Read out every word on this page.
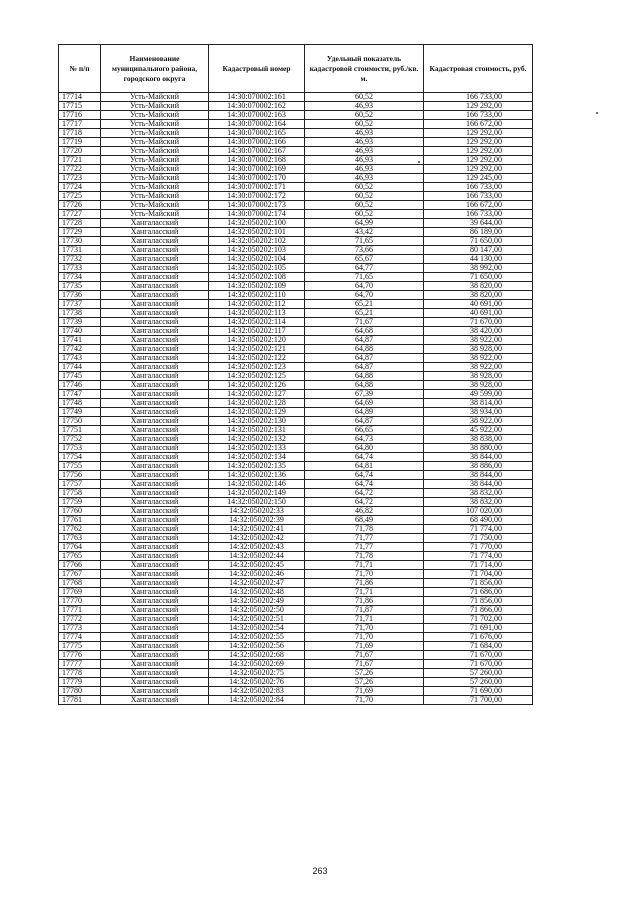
№ п/п	Наименование муниципального района, городского округа	Кадастровый номер	Удельный показатель кадастровой стоимости, руб./кв. м.	Кадастровая стоимость, руб.
17714	Усть-Майский	14:30:070002:161	60,52	166 733,00
17715	Усть-Майский	14:30:070002:162	46,93	129 292,00
17716	Усть-Майский	14:30:070002:163	60,52	166 733,00
17717	Усть-Майский	14:30:070002:164	60,52	166 672,00
17718	Усть-Майский	14:30:070002:165	46,93	129 292,00
17719	Усть-Майский	14:30:070002:166	46,93	129 292,00
17720	Усть-Майский	14:30:070002:167	46,93	129 292,00
17721	Усть-Майский	14:30:070002:168	46,93	129 292,00
17722	Усть-Майский	14:30:070002:169	46,93	129 292,00
17723	Усть-Майский	14:30:070002:170	46,93	129 245,00
17724	Усть-Майский	14:30:070002:171	60,52	166 733,00
17725	Усть-Майский	14:30:070002:172	60,52	166 733,00
17726	Усть-Майский	14:30:070002:173	60,52	166 672,00
17727	Усть-Майский	14:30:070002:174	60,52	166 733,00
17728	Хангаласский	14:32:050202:100	64,99	39 644,00
17729	Хангаласский	14:32:050202:101	43,42	86 189,00
17730	Хангаласский	14:32:050202:102	71,65	71 650,00
17731	Хангаласский	14:32:050202:103	73,66	80 147,00
17732	Хангаласский	14:32:050202:104	65,67	44 130,00
17733	Хангаласский	14:32:050202:105	64,77	38 992,00
17734	Хангаласский	14:32:050202:108	71,65	71 650,00
17735	Хангаласский	14:32:050202:109	64,70	38 820,00
17736	Хангаласский	14:32:050202:110	64,70	38 820,00
17737	Хангаласский	14:32:050202:112	65,21	40 691,00
17738	Хангаласский	14:32:050202:113	65,21	40 691,00
17739	Хангаласский	14:32:050202:114	71,67	71 670,00
17740	Хангаласский	14:32:050202:117	64,68	38 420,00
17741	Хангаласский	14:32:050202:120	64,87	38 922,00
17742	Хангаласский	14:32:050202:121	64,88	38 928,00
17743	Хангаласский	14:32:050202:122	64,87	38 922,00
17744	Хангаласский	14:32:050202:123	64,87	38 922,00
17745	Хангаласский	14:32:050202:125	64,88	38 928,00
17746	Хангаласский	14:32:050202:126	64,88	38 928,00
17747	Хангаласский	14:32:050202:127	67,39	49 599,00
17748	Хангаласский	14:32:050202:128	64,69	38 814,00
17749	Хангаласский	14:32:050202:129	64,89	38 934,00
17750	Хангаласский	14:32:050202:130	64,87	38 922,00
17751	Хангаласский	14:32:050202:131	66,65	45 922,00
17752	Хангаласский	14:32:050202:132	64,73	38 838,00
17753	Хангаласский	14:32:050202:133	64,80	38 880,00
17754	Хангаласский	14:32:050202:134	64,74	38 844,00
17755	Хангаласский	14:32:050202:135	64,81	38 886,00
17756	Хангаласский	14:32:050202:136	64,74	38 844,00
17757	Хангаласский	14:32:050202:146	64,74	38 844,00
17758	Хангаласский	14:32:050202:149	64,72	38 832,00
17759	Хангаласский	14:32:050202:150	64,72	38 832,00
17760	Хангаласский	14:32:050202:33	46,82	107 020,00
17761	Хангаласский	14:32:050202:39	68,49	68 490,00
17762	Хангаласский	14:32:050202:41	71,78	71 774,00
17763	Хангаласский	14:32:050202:42	71,77	71 750,00
17764	Хангаласский	14:32:050202:43	71,77	71 770,00
17765	Хангаласский	14:32:050202:44	71,78	71 774,00
17766	Хангаласский	14:32:050202:45	71,71	71 714,00
17767	Хангаласский	14:32:050202:46	71,70	71 704,00
17768	Хангаласский	14:32:050202:47	71,86	71 856,00
17769	Хангаласский	14:32:050202:48	71,71	71 686,00
17770	Хангаласский	14:32:050202:49	71,86	71 856,00
17771	Хангаласский	14:32:050202:50	71,87	71 866,00
17772	Хангаласский	14:32:050202:51	71,71	71 702,00
17773	Хангаласский	14:32:050202:54	71,70	71 691,00
17774	Хангаласский	14:32:050202:55	71,70	71 676,00
17775	Хангаласский	14:32:050202:56	71,69	71 684,00
17776	Хангаласский	14:32:050202:68	71,67	71 670,00
17777	Хангаласский	14:32:050202:69	71,67	71 670,00
17778	Хангаласский	14:32:050202:75	57,26	57 260,00
17779	Хангаласский	14:32:050202:76	57,26	57 260,00
17780	Хангаласский	14:32:050202:83	71,69	71 690,00
17781	Хангаласский	14:32:050202:84	71,70	71 700,00
263
